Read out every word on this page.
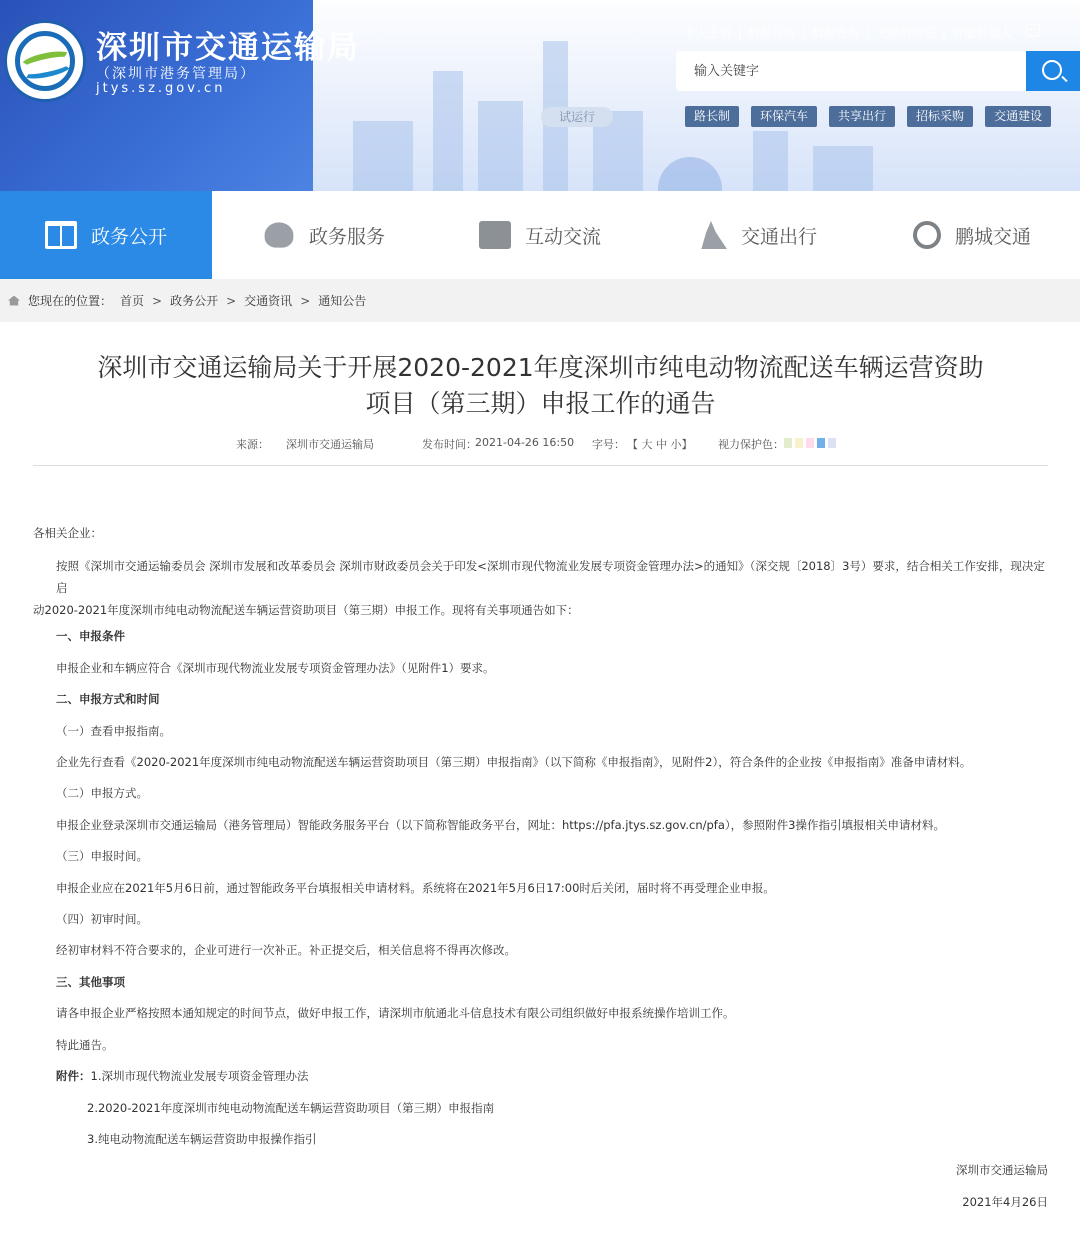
深圳市交通运输局
（深圳市港务管理局）
jtys.sz.gov.cn
试运行
个人主页 | 数据开放 | 数据发布 | 无障碍浏览 | 智能机器人
输入关键字
路长制	环保汽车	共享出行	招标采购	交通建设
政务公开	政务服务	互动交流	交通出行	鹏城交通
您现在的位置： 首页 > 政务公开 > 交通资讯 > 通知公告
深圳市交通运输局关于开展2020-2021年度深圳市纯电动物流配送车辆运营资助
项目（第三期）申报工作的通告
来源： 深圳市交通运输局	发布时间：
2021-04-26 16:50 字号： 【 大 中 小】 视力保护色：

各相关企业：

按照《深圳市交通运输委员会 深圳市发展和改革委员会 深圳市财政委员会关于印发<深圳市现代物流业发展专项资金管理办法>的通知》（深交规〔2018〕3号）要求，结合相关工作安排，现决定启

动2020-2021年度深圳市纯电动物流配送车辆运营资助项目（第三期）申报工作。现将有关事项通告如下：

一、申报条件

申报企业和车辆应符合《深圳市现代物流业发展专项资金管理办法》（见附件1）要求。

二、申报方式和时间

（一）查看申报指南。

企业先行查看《2020-2021年度深圳市纯电动物流配送车辆运营资助项目（第三期）申报指南》（以下简称《申报指南》，见附件2），符合条件的企业按《申报指南》准备申请材料。

（二）申报方式。

申报企业登录深圳市交通运输局（港务管理局）智能政务服务平台（以下简称智能政务平台，网址：https://pfa.jtys.sz.gov.cn/pfa），参照附件3操作指引填报相关申请材料。

（三）申报时间。

申报企业应在2021年5月6日前，通过智能政务平台填报相关申请材料。系统将在2021年5月6日17:00时后关闭，届时将不再受理企业申报。

（四）初审时间。

经初审材料不符合要求的，企业可进行一次补正。补正提交后，相关信息将不得再次修改。

三、其他事项

请各申报企业严格按照本通知规定的时间节点，做好申报工作，请深圳市航通北斗信息技术有限公司组织做好申报系统操作培训工作。

特此通告。

附件：1.深圳市现代物流业发展专项资金管理办法

2.2020-2021年度深圳市纯电动物流配送车辆运营资助项目（第三期）申报指南

3.纯电动物流配送车辆运营资助申报操作指引

深圳市交通运输局

2021年4月26日
